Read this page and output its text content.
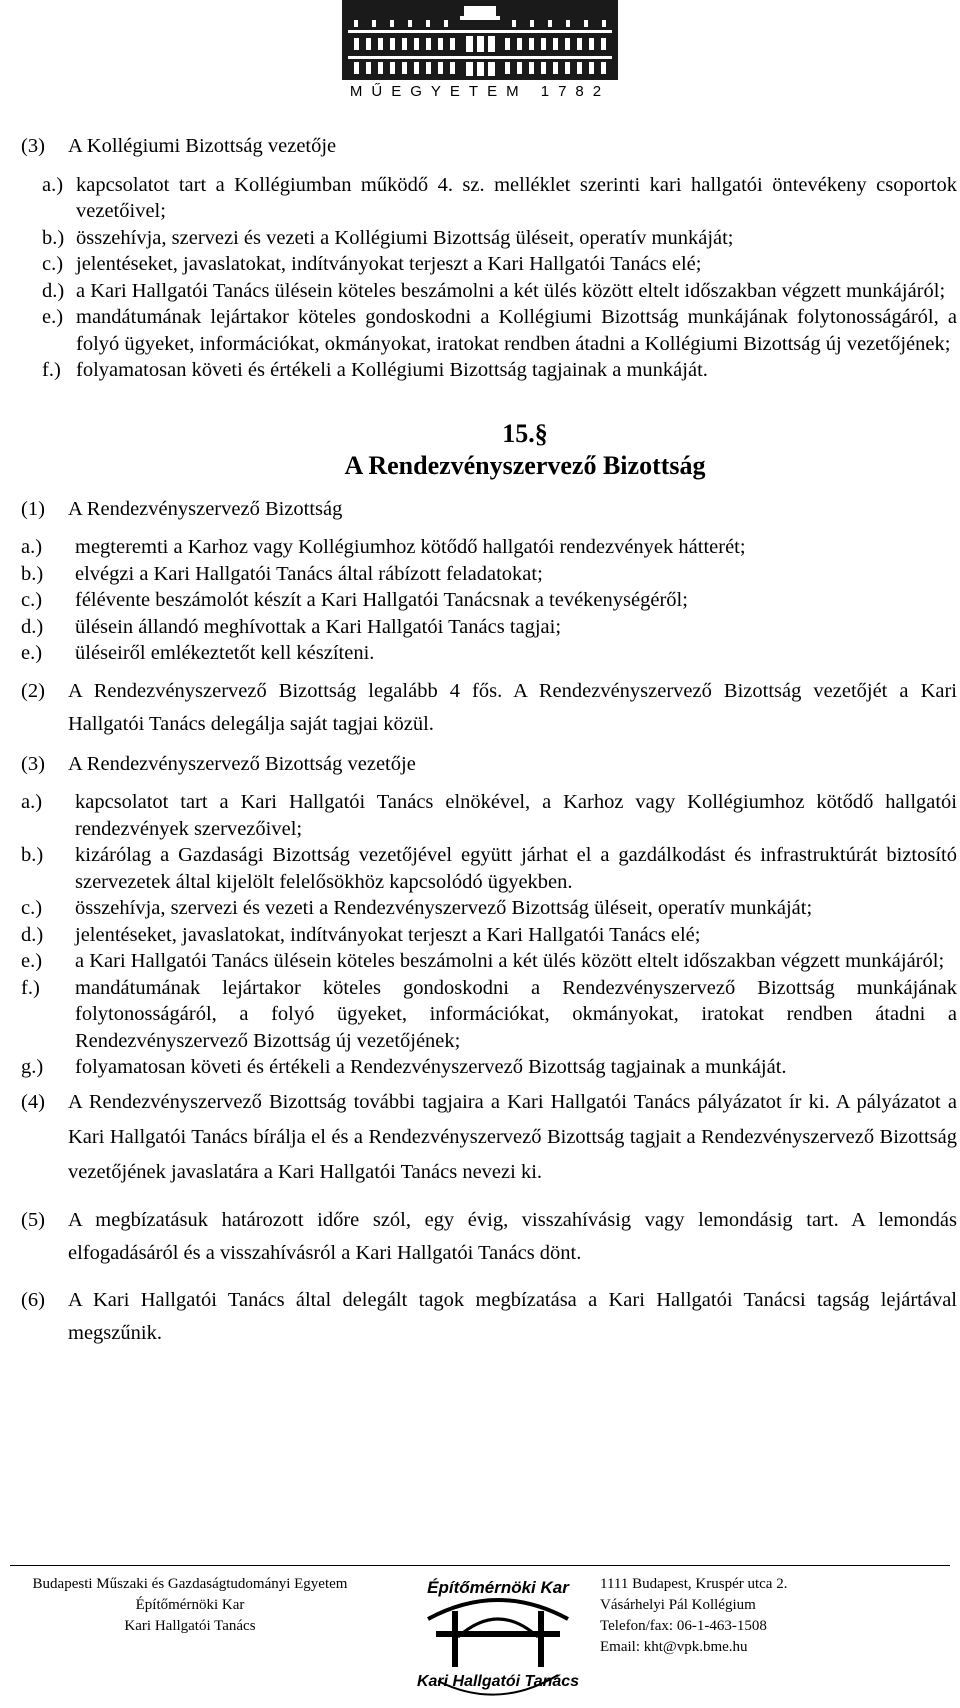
MŰEGYETEM 1782
(3) A Kollégiumi Bizottság vezetője
a.) kapcsolatot tart a Kollégiumban működő 4. sz. melléklet szerinti kari hallgatói öntevékeny csoportok vezetőivel;
b.) összehívja, szervezi és vezeti a Kollégiumi Bizottság üléseit, operatív munkáját;
c.) jelentéseket, javaslatokat, indítványokat terjeszt a Kari Hallgatói Tanács elé;
d.) a Kari Hallgatói Tanács ülésein köteles beszámolni a két ülés között eltelt időszakban végzett munkájáról;
e.) mandátumának lejártakor köteles gondoskodni a Kollégiumi Bizottság munkájának folytonosságáról, a folyó ügyeket, információkat, okmányokat, iratokat rendben átadni a Kollégiumi Bizottság új vezetőjének;
f.) folyamatosan követi és értékeli a Kollégiumi Bizottság tagjainak a munkáját.
15.§
A Rendezvényszervező Bizottság
(1) A Rendezvényszervező Bizottság
a.) megteremti a Karhoz vagy Kollégiumhoz kötődő hallgatói rendezvények hátterét;
b.) elvégzi a Kari Hallgatói Tanács által rábízott feladatokat;
c.) félévente beszámolót készít a Kari Hallgatói Tanácsnak a tevékenységéről;
d.) ülésein állandó meghívottak a Kari Hallgatói Tanács tagjai;
e.) üléseiről emlékeztetőt kell készíteni.
(2) A Rendezvényszervező Bizottság legalább 4 fős. A Rendezvényszervező Bizottság vezetőjét a Kari Hallgatói Tanács delegálja saját tagjai közül.
(3) A Rendezvényszervező Bizottság vezetője
a.) kapcsolatot tart a Kari Hallgatói Tanács elnökével, a Karhoz vagy Kollégiumhoz kötődő hallgatói rendezvények szervezőivel;
b.) kizárólag a Gazdasági Bizottság vezetőjével együtt járhat el a gazdálkodást és infrastruktúrát biztosító szervezetek által kijelölt felelősökhöz kapcsolódó ügyekben.
c.) összehívja, szervezi és vezeti a Rendezvényszervező Bizottság üléseit, operatív munkáját;
d.) jelentéseket, javaslatokat, indítványokat terjeszt a Kari Hallgatói Tanács elé;
e.) a Kari Hallgatói Tanács ülésein köteles beszámolni a két ülés között eltelt időszakban végzett munkájáról;
f.) mandátumának lejártakor köteles gondoskodni a Rendezvényszervező Bizottság munkájának folytonosságáról, a folyó ügyeket, információkat, okmányokat, iratokat rendben átadni a Rendezvényszervező Bizottság új vezetőjének;
g.) folyamatosan követi és értékeli a Rendezvényszervező Bizottság tagjainak a munkáját.
(4) A Rendezvényszervező Bizottság további tagjaira a Kari Hallgatói Tanács pályázatot ír ki. A pályázatot a Kari Hallgatói Tanács bírálja el és a Rendezvényszervező Bizottság tagjait a Rendezvényszervező Bizottság vezetőjének javaslatára a Kari Hallgatói Tanács nevezi ki.
(5) A megbízatásuk határozott időre szól, egy évig, visszahívásig vagy lemondásig tart. A lemondás elfogadásáról és a visszahívásról a Kari Hallgatói Tanács dönt.
(6) A Kari Hallgatói Tanács által delegált tagok megbízatása a Kari Hallgatói Tanácsi tagság lejártával megszűnik.
Budapesti Műszaki és Gazdaságtudományi Egyetem
Építőmérnöki Kar
Kari Hallgatói Tanács
Építőmérnöki Kar
Kari Hallgatói Tanács
1111 Budapest, Kruspér utca 2.
Vásárhelyi Pál Kollégium
Telefon/fax: 06-1-463-1508
Email: kht@vpk.bme.hu
